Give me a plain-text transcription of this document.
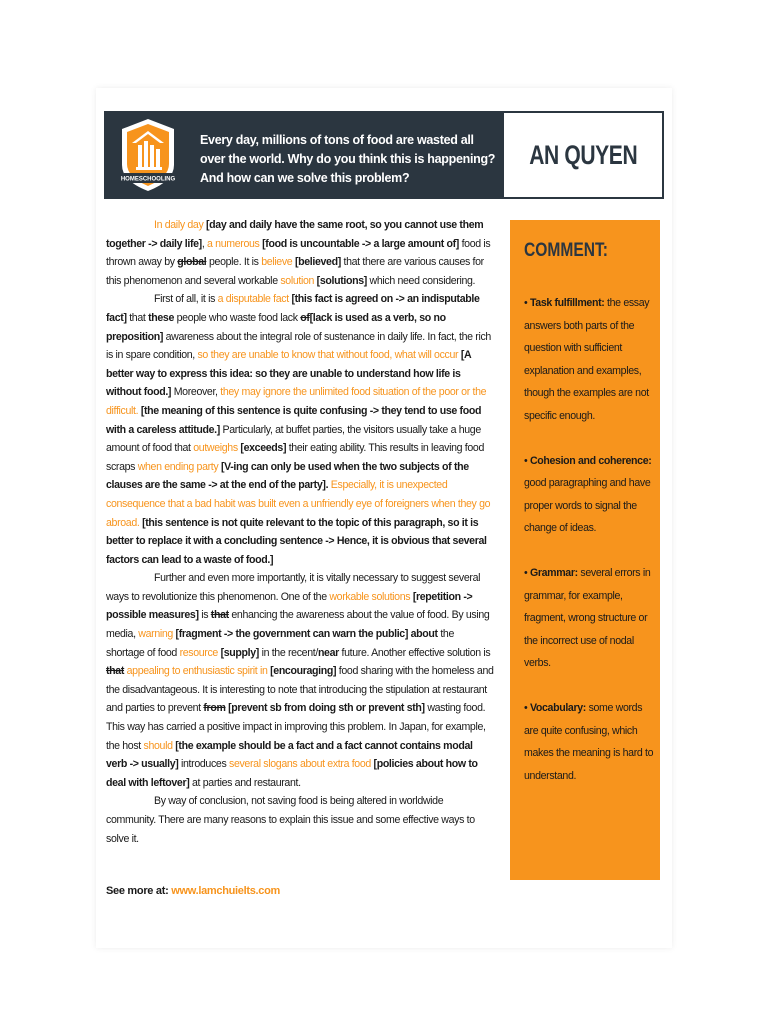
HOMESCHOOLING
Every day, millions of tons of food are wasted all over the world. Why do you think this is happening? And how can we solve this problem?
AN QUYEN

In daily day [day and daily have the same root, so you cannot use them together -> daily life], a numerous [food is uncountable -> a large amount of] food is thrown away by global people. It is believe [believed] that there are various causes for this phenomenon and several workable solution [solutions] which need considering.

First of all, it is a disputable fact [this fact is agreed on -> an indisputable fact] that these people who waste food lack of[lack is used as a verb, so no preposition] awareness about the integral role of sustenance in daily life. In fact, the rich is in spare condition, so they are unable to know that without food, what will occur [A better way to express this idea: so they are unable to understand how life is without food.] Moreover, they may ignore the unlimited food situation of the poor or the difficult. [the meaning of this sentence is quite confusing -> they tend to use food with a careless attitude.] Particularly, at buffet parties, the visitors usually take a huge amount of food that outweighs [exceeds] their eating ability. This results in leaving food scraps when ending party [V-ing can only be used when the two subjects of the clauses are the same -> at the end of the party]. Especially, it is unexpected consequence that a bad habit was built even a unfriendly eye of foreigners when they go abroad. [this sentence is not quite relevant to the topic of this paragraph, so it is better to replace it with a concluding sentence -> Hence, it is obvious that several factors can lead to a waste of food.]

Further and even more importantly, it is vitally necessary to suggest several ways to revolutionize this phenomenon. One of the workable solutions [repetition -> possible measures] is that enhancing the awareness about the value of food. By using media, warning [fragment -> the government can warn the public] about the shortage of food resource [supply] in the recent/near future. Another effective solution is that appealing to enthusiastic spirit in [encouraging] food sharing with the homeless and the disadvantageous. It is interesting to note that introducing the stipulation at restaurant and parties to prevent from [prevent sb from doing sth or prevent sth] wasting food. This way has carried a positive impact in improving this problem. In Japan, for example, the host should [the example should be a fact and a fact cannot contains modal verb -> usually] introduces several slogans about extra food [policies about how to deal with leftover] at parties and restaurant.

By way of conclusion, not saving food is being altered in worldwide community. There are many reasons to explain this issue and some effective ways to solve it.

See more at: www.lamchuielts.com
COMMENT:
• Task fulfillment: the essay answers both parts of the question with sufficient explanation and examples, though the examples are not specific enough.
• Cohesion and coherence: good paragraphing and have proper words to signal the change of ideas.
• Grammar: several errors in grammar, for example, fragment, wrong structure or the incorrect use of nodal verbs.
• Vocabulary: some words are quite confusing, which makes the meaning is hard to understand.
